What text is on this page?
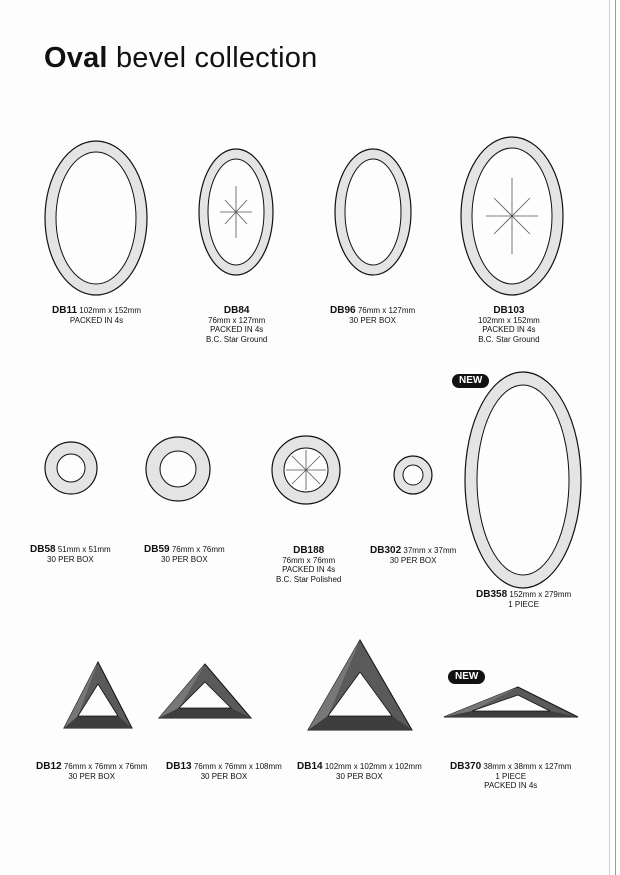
Oval bevel collection
DB11 102mm x 152mm
PACKED IN 4s
DB84
76mm x 127mm
PACKED IN 4s
B.C. Star Ground
DB96 76mm x 127mm
30 PER BOX
DB103
102mm x 152mm
PACKED IN 4s
B.C. Star Ground
NEW
DB58 51mm x 51mm
30 PER BOX
DB59 76mm x 76mm
30 PER BOX
DB188
76mm x 76mm
PACKED IN 4s
B.C. Star Polished
DB302 37mm x 37mm
30 PER BOX
DB358 152mm x 279mm
1 PIECE
NEW
DB12 76mm x 76mm x 76mm
30 PER BOX
DB13 76mm x 76mm x 108mm
30 PER BOX
DB14 102mm x 102mm x 102mm
30 PER BOX
DB370 38mm x 38mm x 127mm
1 PIECE
PACKED IN 4s
